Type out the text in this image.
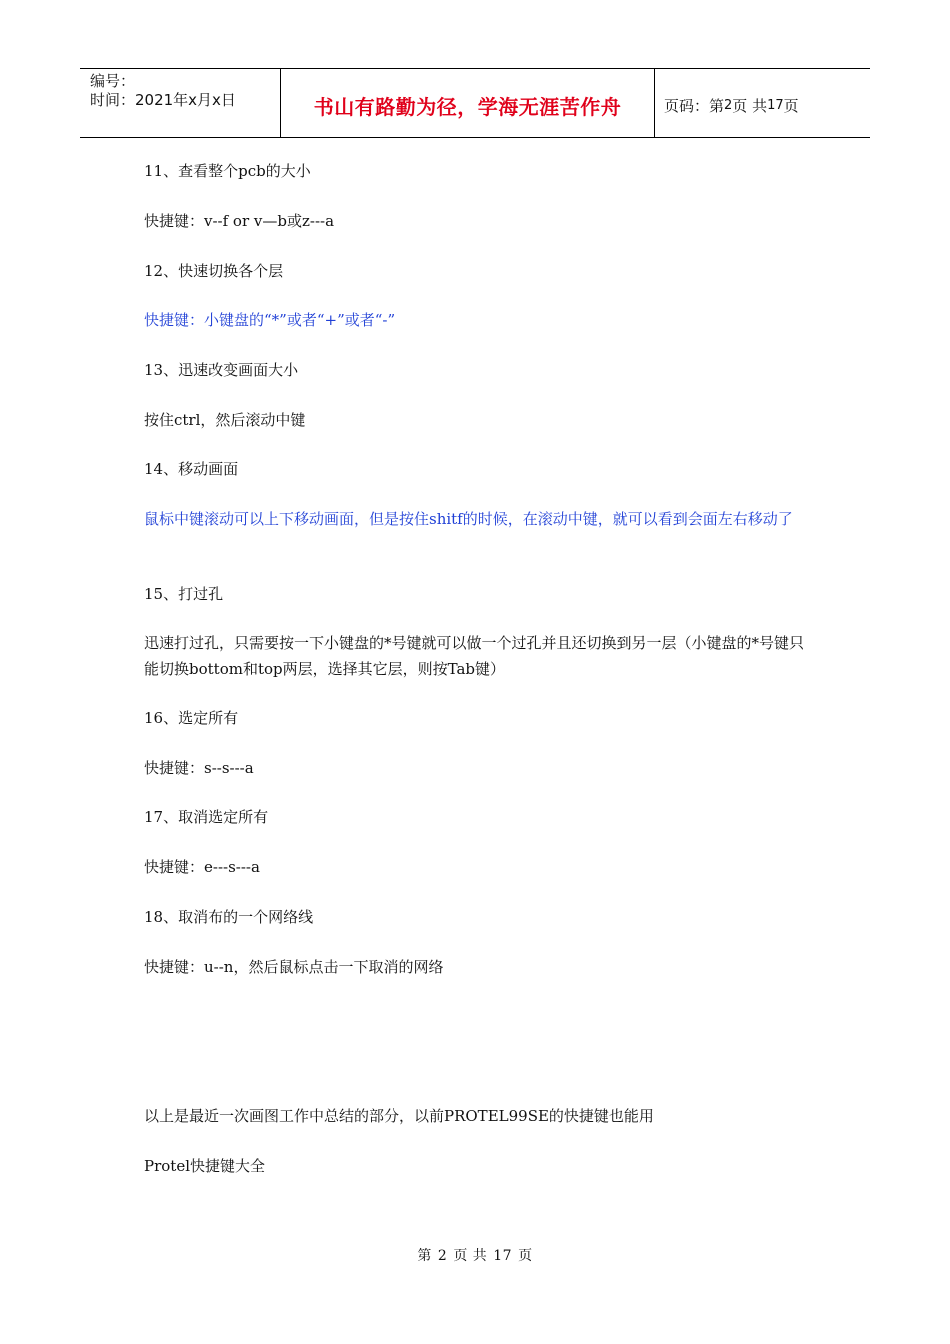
编号：
时间：2021年x月x日	书山有路勤为径，学海无涯苦作舟	页码：第 2 页 共 17 页

11、查看整个pcb的大小

快捷键：v--f or v—b或z---a

12、快速切换各个层

快捷键：小键盘的“*”或者“+”或者“-”

13、迅速改变画面大小

按住ctrl，然后滚动中键

14、移动画面

鼠标中键滚动可以上下移动画面，但是按住shitf的时候，在滚动中键，就可以看到会面左右移动了

15、打过孔

迅速打过孔，只需要按一下小键盘的*号键就可以做一个过孔并且还切换到另一层（小键盘的*号键只能切换bottom和top两层，选择其它层，则按Tab键）

16、选定所有

快捷键：s--s---a

17、取消选定所有

快捷键：e---s---a

18、取消布的一个网络线

快捷键：u--n，然后鼠标点击一下取消的网络

以上是最近一次画图工作中总结的部分，以前PROTEL99SE的快捷键也能用

Protel快捷键大全

第 2 页 共 17 页
